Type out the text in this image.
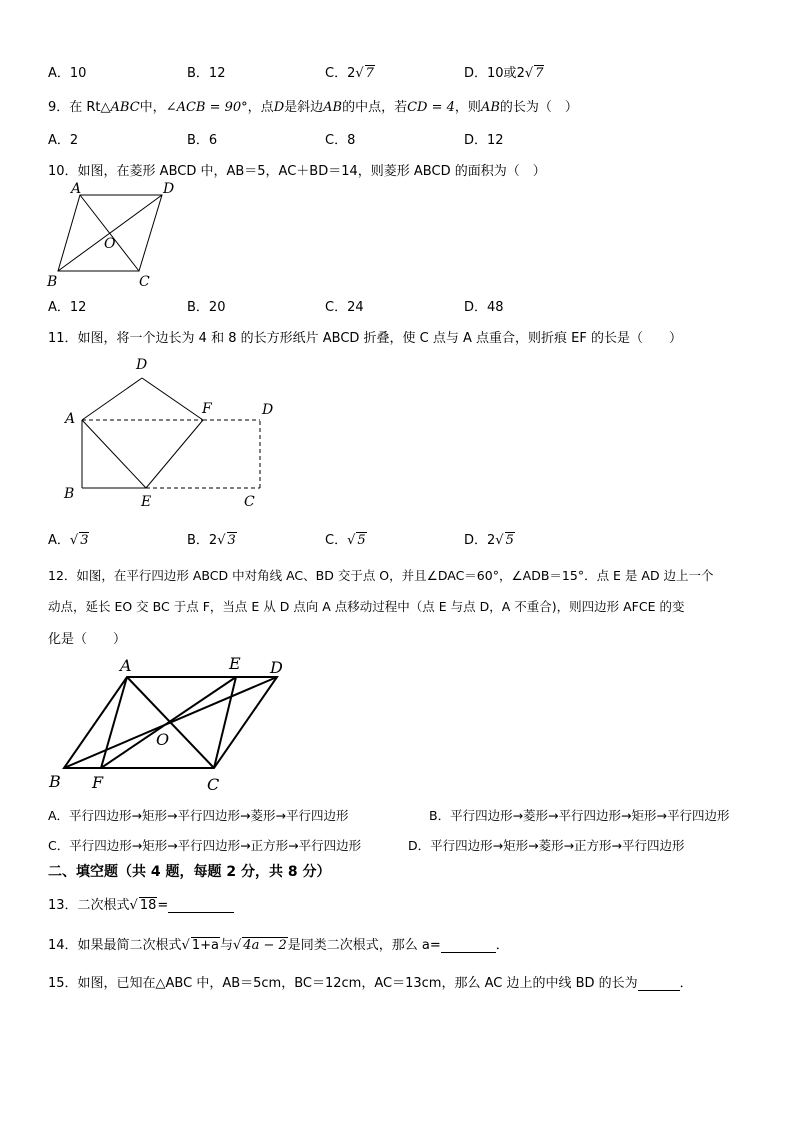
A．10	B．12	C．2√ 7	D．10或2√ 7
9．在 Rt△ABC中，∠ACB = 90°，点D是斜边AB的中点，若CD = 4，则AB的长为（　）
A．2	B．6	C．8	D．12
10．如图，在菱形 ABCD 中，AB＝5，AC＋BD＝14，则菱形 ABCD 的面积为（　）
A	D
O
B	C
A．12	B．20	C．24	D．48
11．如图，将一个边长为 4 和 8 的长方形纸片 ABCD 折叠，使 C 点与 A 点重合，则折痕 EF 的长是（　　）
D
A
F	D
B	E	C
A．√ 3	B．2√ 3	C．√ 5	D．2√ 5
12．如图，在平行四边形 ABCD 中对角线 AC、BD 交于点 O，并且∠DAC＝60°，∠ADB＝15°．点 E 是 AD 边上一个
动点，延长 EO 交 BC 于点 F，当点 E 从 D 点向 A 点移动过程中（点 E 与点 D，A 不重合)，则四边形 AFCE 的变
化是（　　）
A	E D
O
B F	C
A．平行四边形→矩形→平行四边形→菱形→平行四边形	B．平行四边形→菱形→平行四边形→矩形→平行四边形
C．平行四边形→矩形→平行四边形→正方形→平行四边形	D．平行四边形→矩形→菱形→正方形→平行四边形
二、填空题（共 4 题，每题 2 分，共 8 分）
13．二次根式√ 18=
14．如果最简二次根式√ 1+a与√ 4a − 2是同类二次根式，那么 a=	．
15．如图，已知在△ABC 中，AB＝5cm，BC＝12cm，AC＝13cm，那么 AC 边上的中线 BD 的长为	．
